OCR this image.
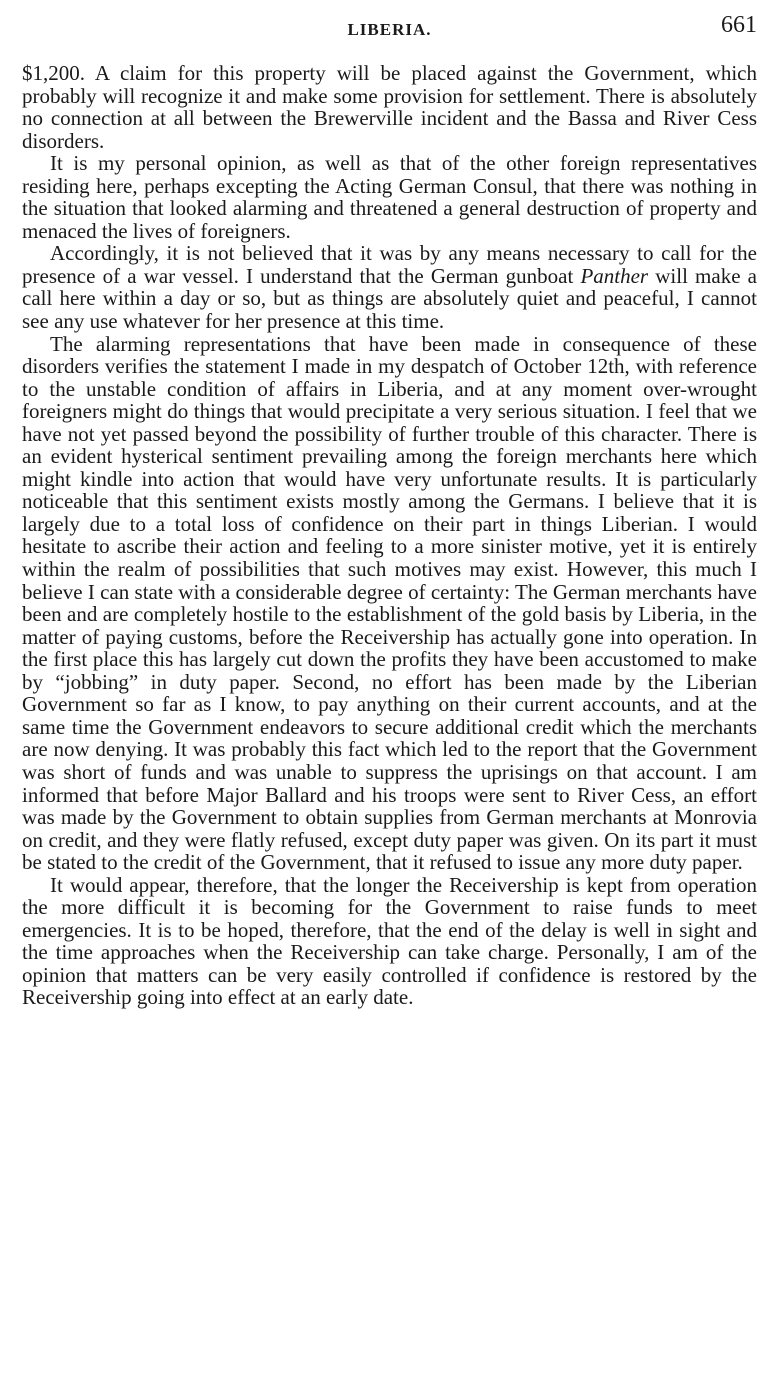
LIBERIA.	661

$1,200. A claim for this property will be placed against the Government, which probably will recognize it and make some provision for settlement. There is absolutely no connection at all between the Brewerville incident and the Bassa and River Cess disorders.

It is my personal opinion, as well as that of the other foreign representatives residing here, perhaps excepting the Acting German Consul, that there was nothing in the situation that looked alarming and threatened a general destruction of property and menaced the lives of foreigners.

Accordingly, it is not believed that it was by any means necessary to call for the presence of a war vessel. I understand that the German gunboat Panther will make a call here within a day or so, but as things are absolutely quiet and peaceful, I cannot see any use whatever for her presence at this time.

The alarming representations that have been made in consequence of these disorders verifies the statement I made in my despatch of October 12th, with reference to the unstable condition of affairs in Liberia, and at any moment over-wrought foreigners might do things that would precipitate a very serious situation. I feel that we have not yet passed beyond the possibility of further trouble of this character. There is an evident hysterical sentiment prevailing among the foreign merchants here which might kindle into action that would have very unfortunate results. It is particularly noticeable that this sentiment exists mostly among the Germans. I believe that it is largely due to a total loss of confidence on their part in things Liberian. I would hesitate to ascribe their action and feeling to a more sinister motive, yet it is entirely within the realm of possibilities that such motives may exist. However, this much I believe I can state with a considerable degree of certainty: The German merchants have been and are completely hostile to the establishment of the gold basis by Liberia, in the matter of paying customs, before the Receivership has actually gone into operation. In the first place this has largely cut down the profits they have been accustomed to make by “jobbing” in duty paper. Second, no effort has been made by the Liberian Government so far as I know, to pay anything on their current accounts, and at the same time the Government endeavors to secure additional credit which the merchants are now denying. It was probably this fact which led to the report that the Government was short of funds and was unable to suppress the uprisings on that account. I am informed that before Major Ballard and his troops were sent to River Cess, an effort was made by the Government to obtain supplies from German merchants at Monrovia on credit, and they were flatly refused, except duty paper was given. On its part it must be stated to the credit of the Government, that it refused to issue any more duty paper.

It would appear, therefore, that the longer the Receivership is kept from operation the more difficult it is becoming for the Government to raise funds to meet emergencies. It is to be hoped, therefore, that the end of the delay is well in sight and the time approaches when the Receivership can take charge. Personally, I am of the opinion that matters can be very easily controlled if confidence is restored by the Receivership going into effect at an early date.
